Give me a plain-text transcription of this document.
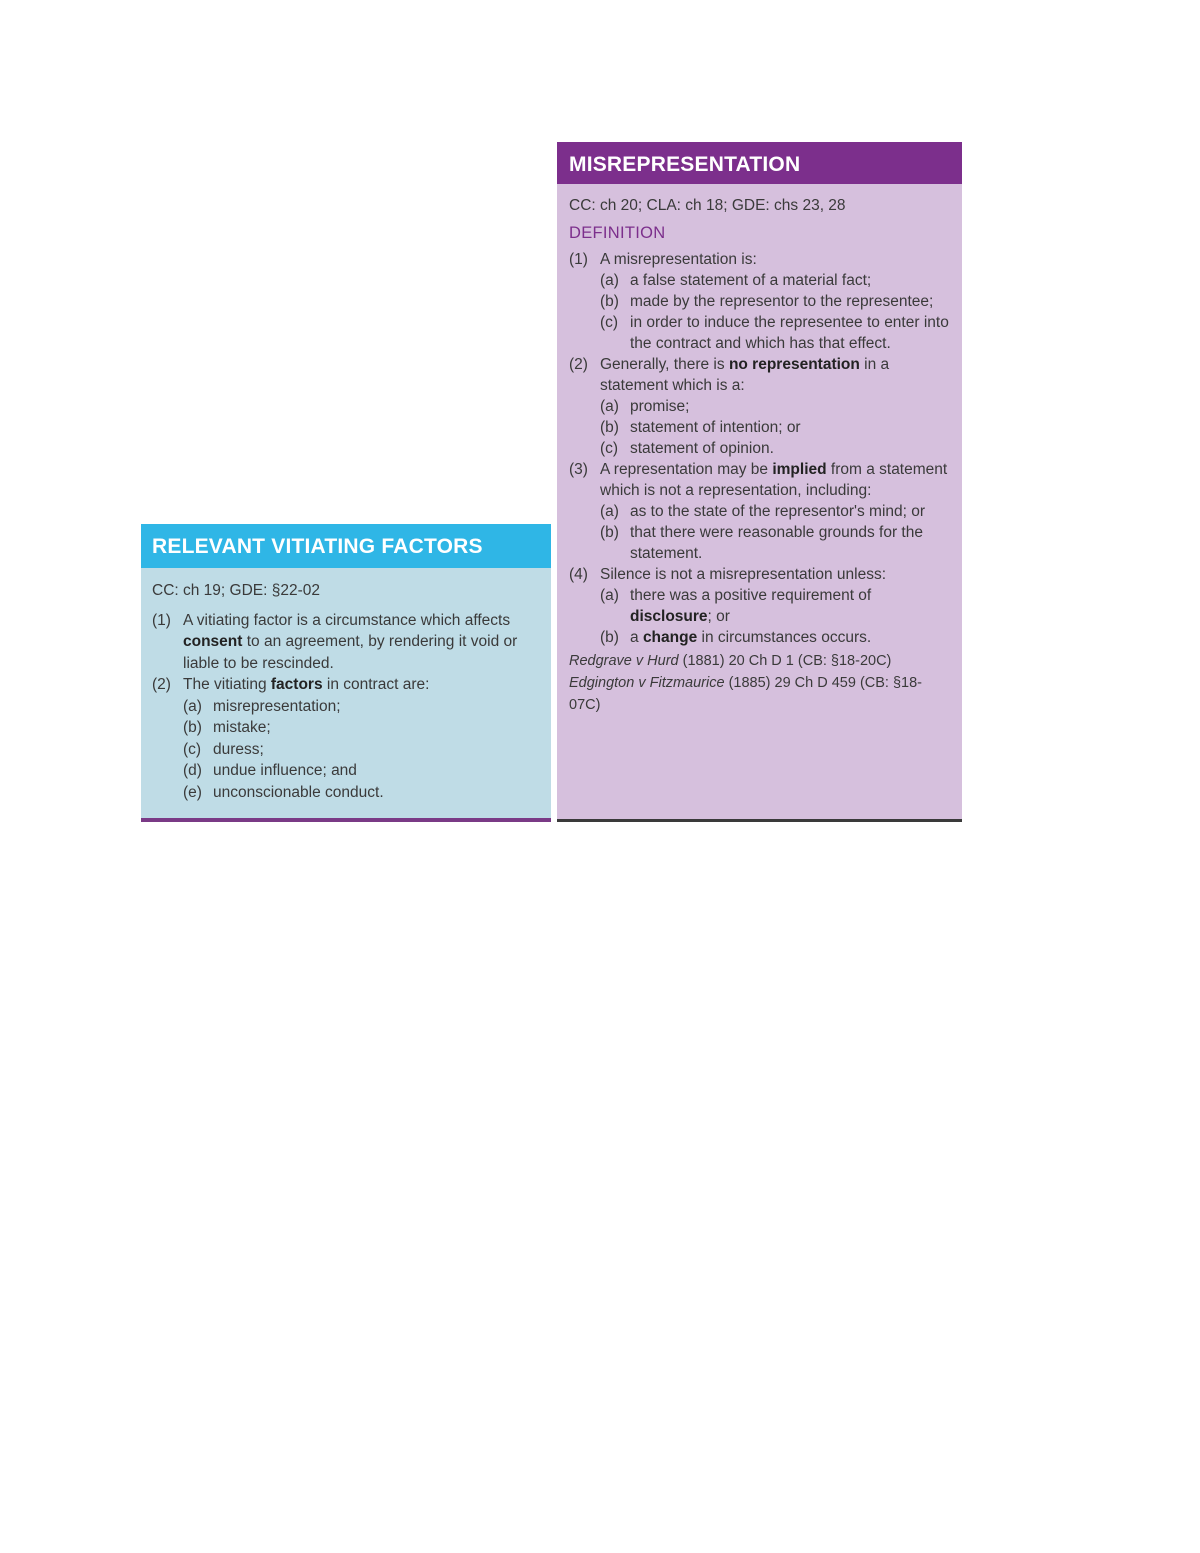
RELEVANT VITIATING FACTORS
CC: ch 19; GDE: §22-02
(1) A vitiating factor is a circumstance which affects consent to an agreement, by rendering it void or liable to be rescinded.
(2) The vitiating factors in contract are:
(a) misrepresentation;
(b) mistake;
(c) duress;
(d) undue influence; and
(e) unconscionable conduct.
MISREPRESENTATION
CC: ch 20; CLA: ch 18; GDE: chs 23, 28
DEFINITION
(1) A misrepresentation is:
(a) a false statement of a material fact;
(b) made by the representor to the representee;
(c) in order to induce the representee to enter into the contract and which has that effect.
(2) Generally, there is no representation in a statement which is a:
(a) promise;
(b) statement of intention; or
(c) statement of opinion.
(3) A representation may be implied from a statement which is not a representation, including:
(a) as to the state of the representor's mind; or
(b) that there were reasonable grounds for the statement.
(4) Silence is not a misrepresentation unless:
(a) there was a positive requirement of disclosure; or
(b) a change in circumstances occurs.
Redgrave v Hurd (1881) 20 Ch D 1 (CB: §18-20C)
Edgington v Fitzmaurice (1885) 29 Ch D 459 (CB: §18-07C)
